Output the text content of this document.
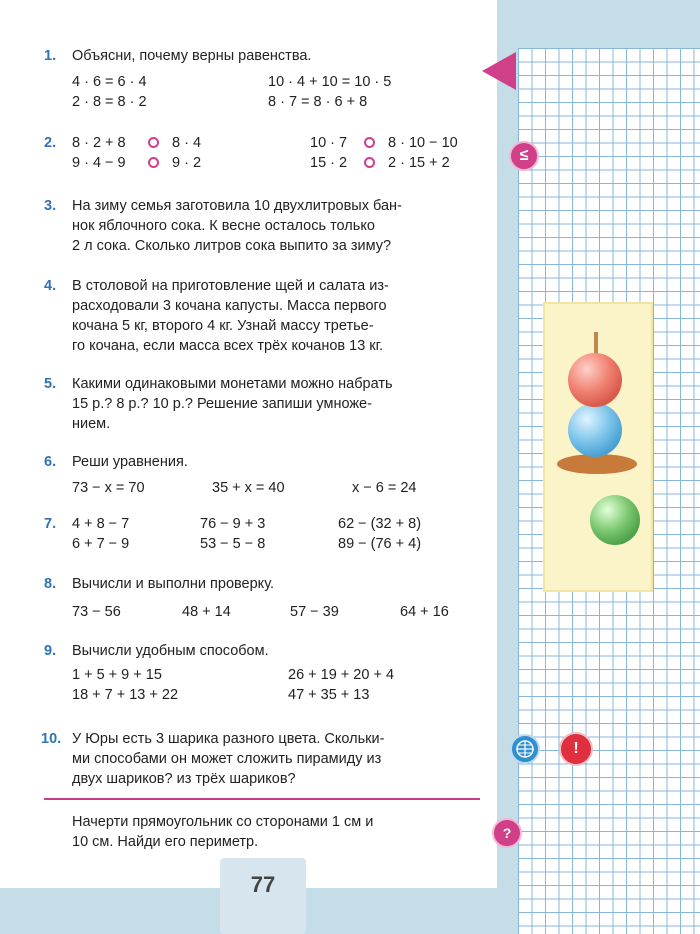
1.	Объясни, почему верны равенства.
4 · 6 = 6 · 4	10 · 4 + 10 = 10 · 5
2 · 8 = 8 · 2	8 · 7 = 8 · 6 + 8
2.	8 · 2 + 8	8 · 4	10 · 7	8 · 10 − 10
9 · 4 − 9	9 · 2	15 · 2	2 · 15 + 2
3.	На зиму семья заготовила 10 двухлитровых бан-
нок яблочного сока. К весне осталось только
2 л сока. Сколько литров сока выпито за зиму?
4.	В столовой на приготовление щей и салата из-
расходовали 3 кочана капусты. Масса первого
кочана 5 кг, второго 4 кг. Узнай массу третье-
го кочана, если масса всех трёх кочанов 13 кг.
5.	Какими одинаковыми монетами можно набрать
15 р.? 8 р.? 10 р.? Решение запиши умноже-
нием.
6.	Реши уравнения.
73 − x = 70	35 + x = 40	x − 6 = 24
7.	4 + 8 − 7	76 − 9 + 3	62 − (32 + 8)
6 + 7 − 9	53 − 5 − 8	89 − (76 + 4)
8.	Вычисли и выполни проверку.
73 − 56	48 + 14	57 − 39	64 + 16
9.	Вычисли удобным способом.
1 + 5 + 9 + 15	26 + 19 + 20 + 4
18 + 7 + 13 + 22	47 + 35 + 13
10. У Юры есть 3 шарика разного цвета. Скольки-
ми способами он может сложить пирамиду из
двух шариков? из трёх шариков?
Начерти прямоугольник со сторонами 1 см и
10 см. Найди его периметр.
77
≤
!
?
